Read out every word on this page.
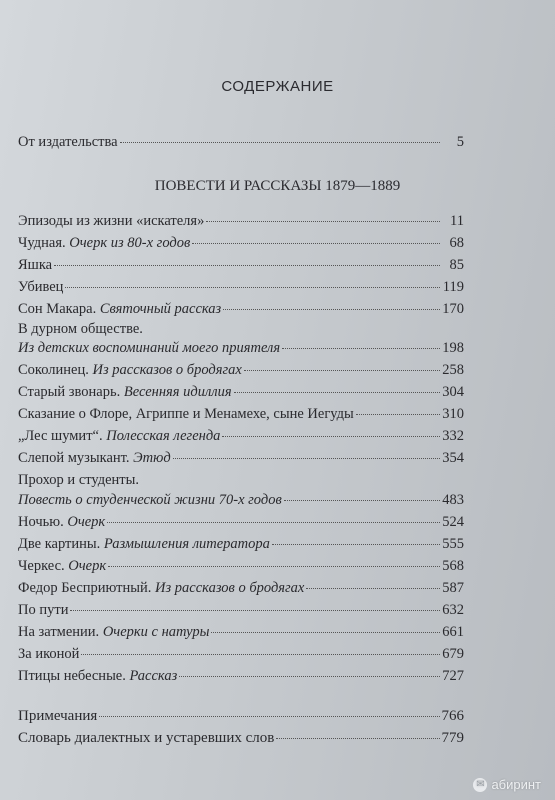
СОДЕРЖАНИЕ
От издательства	5
ПОВЕСТИ И РАССКАЗЫ 1879—1889
Эпизоды из жизни «искателя»	11
Чудная. Очерк из 80-х годов	68
Яшка	85
Убивец	119
Сон Макара. Святочный рассказ	170
В дурном обществе.
Из детских воспоминаний моего приятеля	198
Соколинец. Из рассказов о бродягах	258
Старый звонарь. Весенняя идиллия	304
Сказание о Флоре, Агриппе и Менамехе, сыне Иегуды	310
„Лес шумит“. Полесская легенда	332
Слепой музыкант. Этюд	354
Прохор и студенты.
Повесть о студенческой жизни 70-х годов	483
Ночью. Очерк	524
Две картины. Размышления литератора	555
Черкес. Очерк	568
Федор Бесприютный. Из рассказов о бродягах	587
По пути	632
На затмении. Очерки с натуры	661
За иконой	679
Птицы небесные. Рассказ	727
Примечания	766
Словарь диалектных и устаревших слов	779
✉ абиринт
